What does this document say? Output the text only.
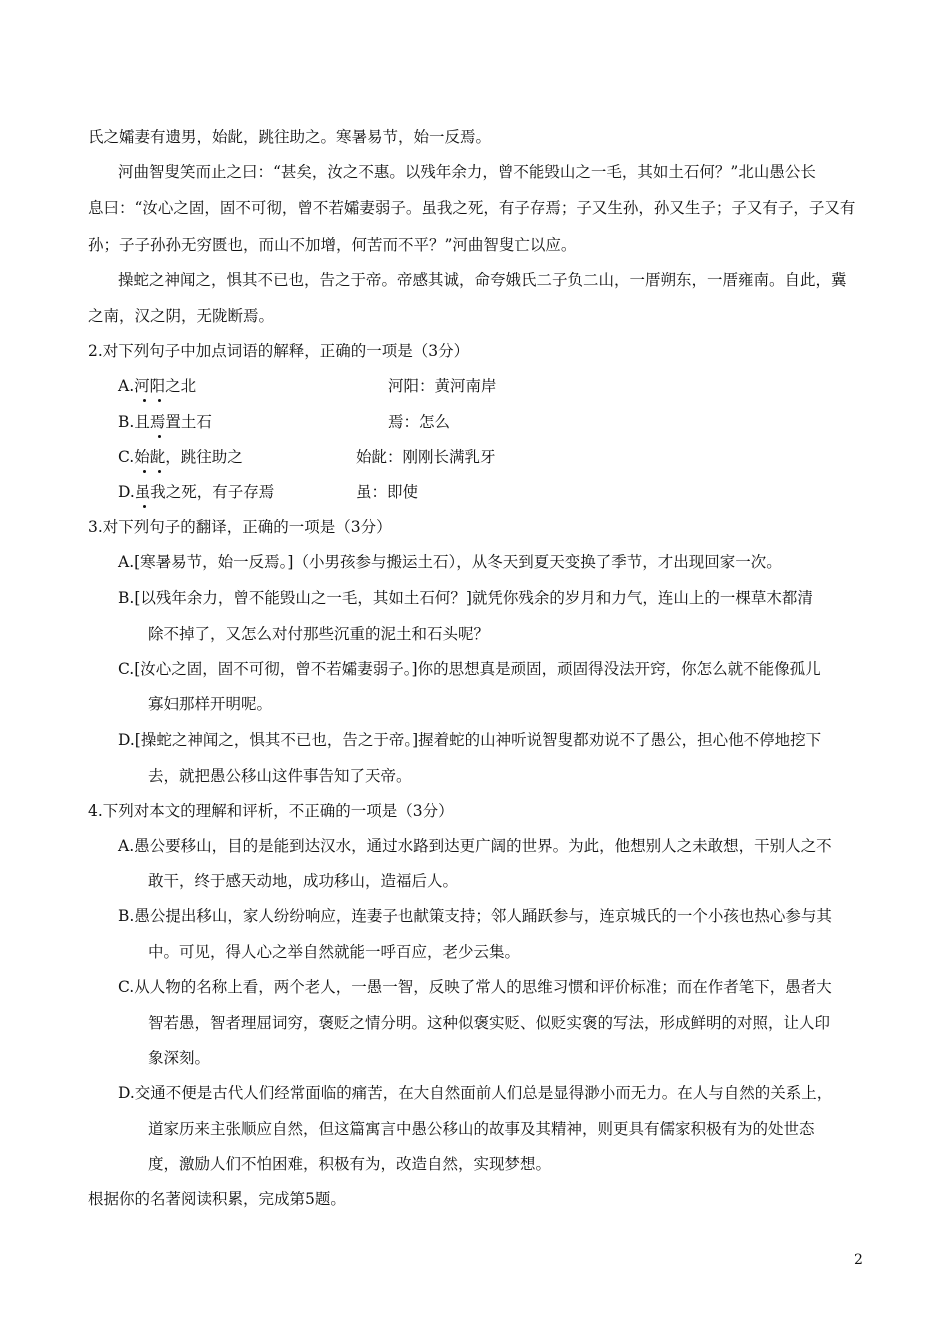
氏之孀妻有遗男，始龀，跳往助之。寒暑易节，始一反焉。
河曲智叟笑而止之曰：“甚矣，汝之不惠。以残年余力，曾不能毁山之一毛，其如土石何？”北山愚公长
息曰：“汝心之固，固不可彻，曾不若孀妻弱子。虽我之死，有子存焉；子又生孙，孙又生子；子又有子，子又有
孙；子子孙孙无穷匮也，而山不加增，何苦而不平？”河曲智叟亡以应。
操蛇之神闻之，惧其不已也，告之于帝。帝感其诚，命夸娥氏二子负二山，一厝朔东，一厝雍南。自此，冀
之南，汉之阴，无陇断焉。
2.对下列句子中加点词语的解释，正确的一项是（3分）
A.河阳之北	河阳：黄河南岸
B.且焉置土石	焉：怎么
C.始龀，跳往助之	始龀：刚刚长满乳牙
D.虽我之死，有子存焉	虽：即使
3.对下列句子的翻译，正确的一项是（3分）
A.[寒暑易节，始一反焉。]（小男孩参与搬运土石），从冬天到夏天变换了季节，才出现回家一次。
B.[以残年余力，曾不能毁山之一毛，其如土石何？]就凭你残余的岁月和力气，连山上的一棵草木都清
除不掉了，又怎么对付那些沉重的泥土和石头呢？
C.[汝心之固，固不可彻，曾不若孀妻弱子。]你的思想真是顽固，顽固得没法开窍，你怎么就不能像孤儿
寡妇那样开明呢。
D.[操蛇之神闻之，惧其不已也，告之于帝。]握着蛇的山神听说智叟都劝说不了愚公，担心他不停地挖下
去，就把愚公移山这件事告知了天帝。
4.下列对本文的理解和评析，不正确的一项是（3分）
A.愚公要移山，目的是能到达汉水，通过水路到达更广阔的世界。为此，他想别人之未敢想，干别人之不
敢干，终于感天动地，成功移山，造福后人。
B.愚公提出移山，家人纷纷响应，连妻子也献策支持；邻人踊跃参与，连京城氏的一个小孩也热心参与其
中。可见，得人心之举自然就能一呼百应，老少云集。
C.从人物的名称上看，两个老人，一愚一智，反映了常人的思维习惯和评价标准；而在作者笔下，愚者大
智若愚，智者理屈词穷，褒贬之情分明。这种似褒实贬、似贬实褒的写法，形成鲜明的对照，让人印
象深刻。
D.交通不便是古代人们经常面临的痛苦，在大自然面前人们总是显得渺小而无力。在人与自然的关系上，
道家历来主张顺应自然，但这篇寓言中愚公移山的故事及其精神，则更具有儒家积极有为的处世态
度，激励人们不怕困难，积极有为，改造自然，实现梦想。
根据你的名著阅读积累，完成第5题。
2
